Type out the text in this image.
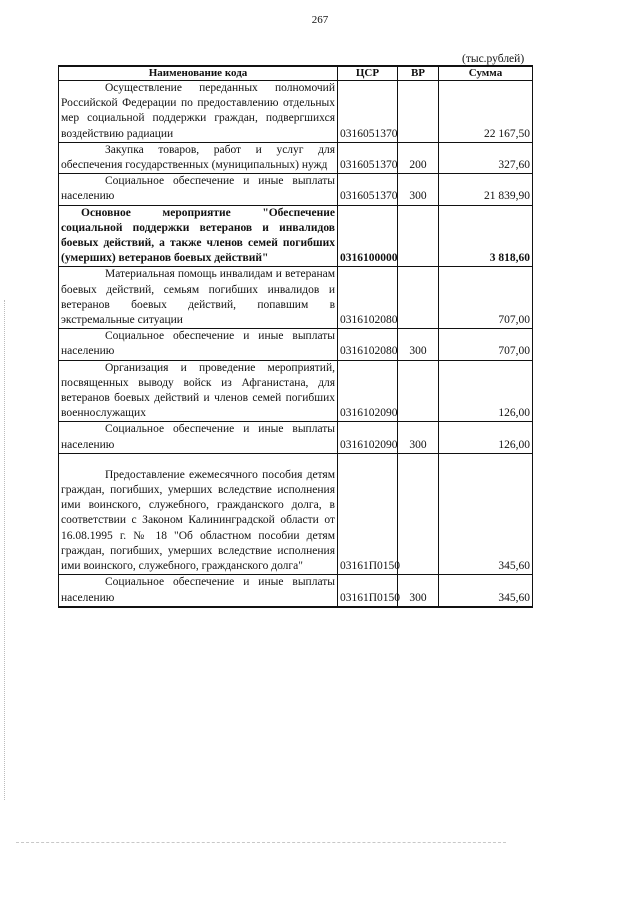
267
(тыс.рублей)
Наименование кода	ЦСР	ВР	Сумма
Осуществление переданных полномочий Российской Федерации по предоставлению отдельных мер социальной поддержки граждан, подвергшихся воздействию радиации	0316051370		22 167,50
Закупка товаров, работ и услуг для обеспечения государственных (муниципальных) нужд	0316051370	200	327,60
Социальное обеспечение и иные выплаты населению	0316051370	300	21 839,90
Основное мероприятие "Обеспечение социальной поддержки ветеранов и инвалидов боевых действий, а также членов семей погибших (умерших) ветеранов боевых действий"	0316100000		3 818,60
Материальная помощь инвалидам и ветеранам боевых действий, семьям погибших инвалидов и ветеранов боевых действий, попавшим в экстремальные ситуации	0316102080		707,00
Социальное обеспечение и иные выплаты населению	0316102080	300	707,00
Организация и проведение мероприятий, посвященных выводу войск из Афганистана, для ветеранов боевых действий и членов семей погибших военнослужащих	0316102090		126,00
Социальное обеспечение и иные выплаты населению	0316102090	300	126,00
Предоставление ежемесячного пособия детям граждан, погибших, умерших вследствие исполнения ими воинского, служебного, гражданского долга, в соответствии с Законом Калининградской области от 16.08.1995 г. № 18 "Об областном пособии детям граждан, погибших, умерших вследствие исполнения ими воинского, служебного, гражданского долга"	03161П0150		345,60
Социальное обеспечение и иные выплаты населению	03161П0150	300	345,60
